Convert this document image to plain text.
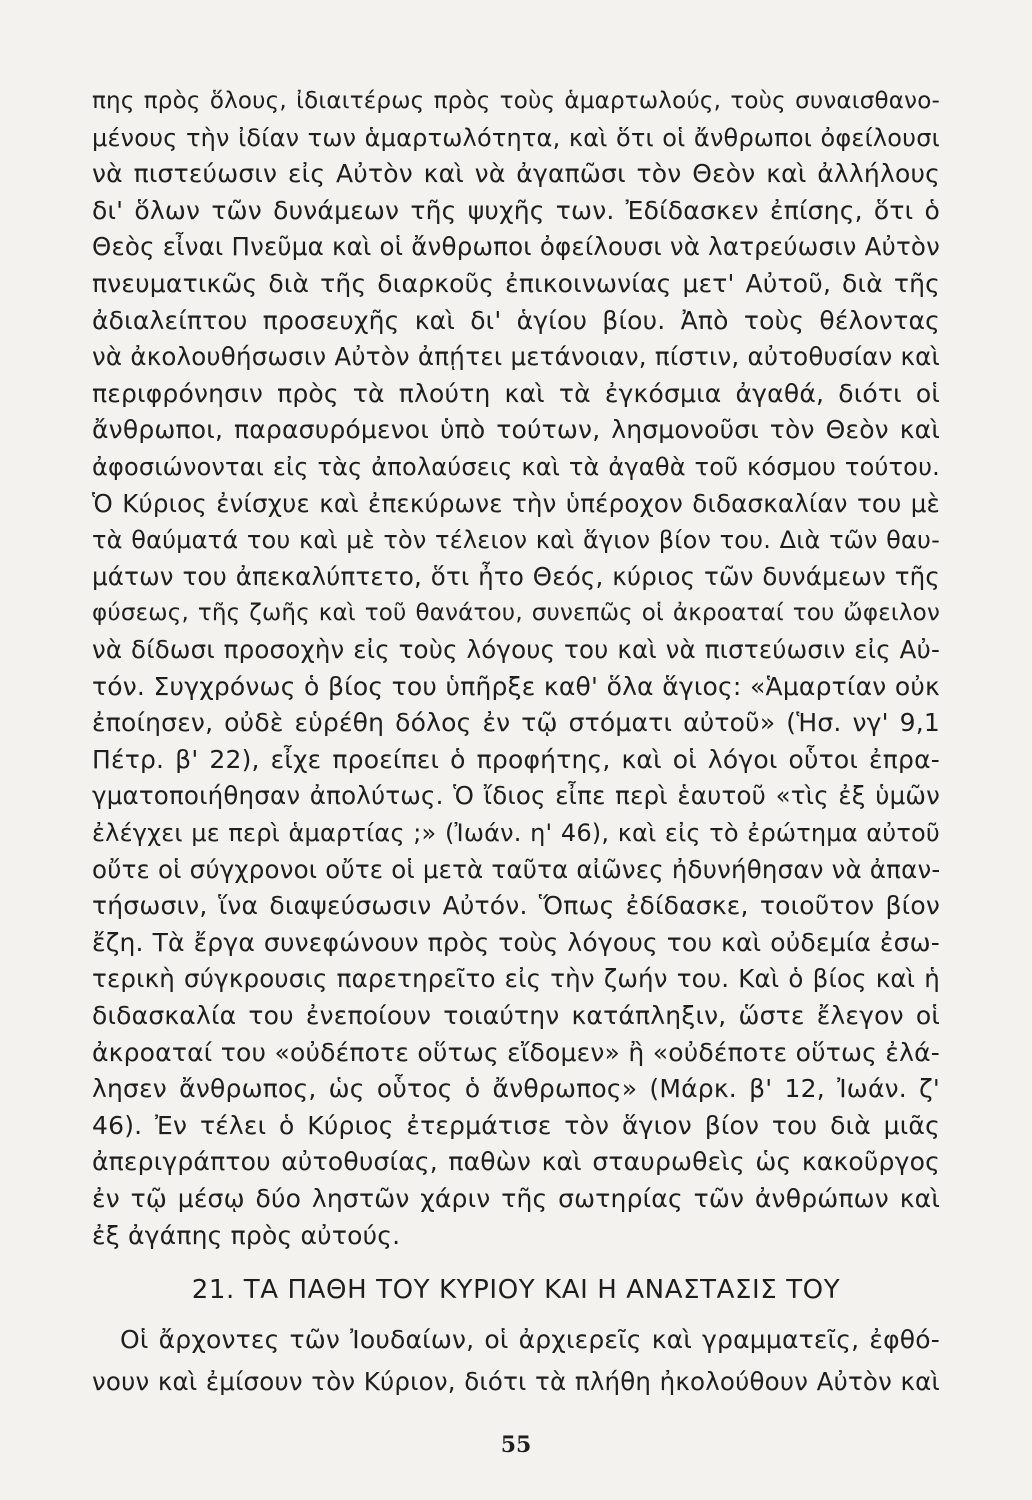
πης πρὸς ὅλους, ἰδιαιτέρως πρὸς τοὺς ἁμαρτωλούς, τοὺς συναισθανο-
μένους τὴν ἰδίαν των ἁμαρτωλότητα, καὶ ὅτι οἱ ἄνθρωποι ὀφείλουσι
νὰ πιστεύωσιν εἰς Αὐτὸν καὶ νὰ ἀγαπῶσι τὸν Θεὸν καὶ ἀλλήλους
δι' ὅλων τῶν δυνάμεων τῆς ψυχῆς των. Ἐδίδασκεν ἐπίσης, ὅτι ὁ
Θεὸς εἶναι Πνεῦμα καὶ οἱ ἄνθρωποι ὀφείλουσι νὰ λατρεύωσιν Αὐτὸν
πνευματικῶς διὰ τῆς διαρκοῦς ἐπικοινωνίας μετ' Αὐτοῦ, διὰ τῆς
ἀδιαλείπτου προσευχῆς καὶ δι' ἁγίου βίου. Ἀπὸ τοὺς θέλοντας
νὰ ἀκολουθήσωσιν Αὐτὸν ἀπῄτει μετάνοιαν, πίστιν, αὐτοθυσίαν καὶ
περιφρόνησιν πρὸς τὰ πλούτη καὶ τὰ ἐγκόσμια ἀγαθά, διότι οἱ
ἄνθρωποι, παρασυρόμενοι ὑπὸ τούτων, λησμονοῦσι τὸν Θεὸν καὶ
ἀφοσιώνονται εἰς τὰς ἀπολαύσεις καὶ τὰ ἀγαθὰ τοῦ κόσμου τούτου.
Ὁ Κύριος ἐνίσχυε καὶ ἐπεκύρωνε τὴν ὑπέροχον διδασκαλίαν του μὲ
τὰ θαύματά του καὶ μὲ τὸν τέλειον καὶ ἅγιον βίον του. Διὰ τῶν θαυ-
μάτων του ἀπεκαλύπτετο, ὅτι ἦτο Θεός, κύριος τῶν δυνάμεων τῆς
φύσεως, τῆς ζωῆς καὶ τοῦ θανάτου, συνεπῶς οἱ ἀκροαταί του ὤφειλον
νὰ δίδωσι προσοχὴν εἰς τοὺς λόγους του καὶ νὰ πιστεύωσιν εἰς Αὐ-
τόν. Συγχρόνως ὁ βίος του ὑπῆρξε καθ' ὅλα ἅγιος: «Ἁμαρτίαν οὐκ
ἐποίησεν, οὐδὲ εὑρέθη δόλος ἐν τῷ στόματι αὐτοῦ» (Ἡσ. νγ' 9,1
Πέτρ. β' 22), εἶχε προείπει ὁ προφήτης, καὶ οἱ λόγοι οὗτοι ἐπρα-
γματοποιήθησαν ἀπολύτως. Ὁ ἴδιος εἶπε περὶ ἑαυτοῦ «τὶς ἐξ ὑμῶν
ἐλέγχει με περὶ ἁμαρτίας ;» (Ἰωάν. η' 46), καὶ εἰς τὸ ἐρώτημα αὐτοῦ
οὔτε οἱ σύγχρονοι οὔτε οἱ μετὰ ταῦτα αἰῶνες ἠδυνήθησαν νὰ ἀπαν-
τήσωσιν, ἵνα διαψεύσωσιν Αὐτόν. Ὅπως ἐδίδασκε, τοιοῦτον βίον
ἔζη. Τὰ ἔργα συνεφώνουν πρὸς τοὺς λόγους του καὶ οὐδεμία ἐσω-
τερικὴ σύγκρουσις παρετηρεῖτο εἰς τὴν ζωήν του. Καὶ ὁ βίος καὶ ἡ
διδασκαλία του ἐνεποίουν τοιαύτην κατάπληξιν, ὥστε ἔλεγον οἱ
ἀκροαταί του «οὐδέποτε οὕτως εἴδομεν» ἢ «οὐδέποτε οὕτως ἐλά-
λησεν ἄνθρωπος, ὡς οὗτος ὁ ἄνθρωπος» (Μάρκ. β' 12, Ἰωάν. ζ'
46). Ἐν τέλει ὁ Κύριος ἐτερμάτισε τὸν ἅγιον βίον του διὰ μιᾶς
ἀπεριγράπτου αὐτοθυσίας, παθὼν καὶ σταυρωθεὶς ὡς κακοῦργος
ἐν τῷ μέσῳ δύο ληστῶν χάριν τῆς σωτηρίας τῶν ἀνθρώπων καὶ
ἐξ ἀγάπης πρὸς αὐτούς.
21. ΤΑ ΠΑΘΗ ΤΟΥ ΚΥΡΙΟΥ ΚΑΙ Η ΑΝΑΣΤΑΣΙΣ ΤΟΥ
Οἱ ἄρχοντες τῶν Ἰουδαίων, οἱ ἀρχιερεῖς καὶ γραμματεῖς, ἐφθό-
νουν καὶ ἐμίσουν τὸν Κύριον, διότι τὰ πλήθη ἠκολούθουν Αὐτὸν καὶ
55
